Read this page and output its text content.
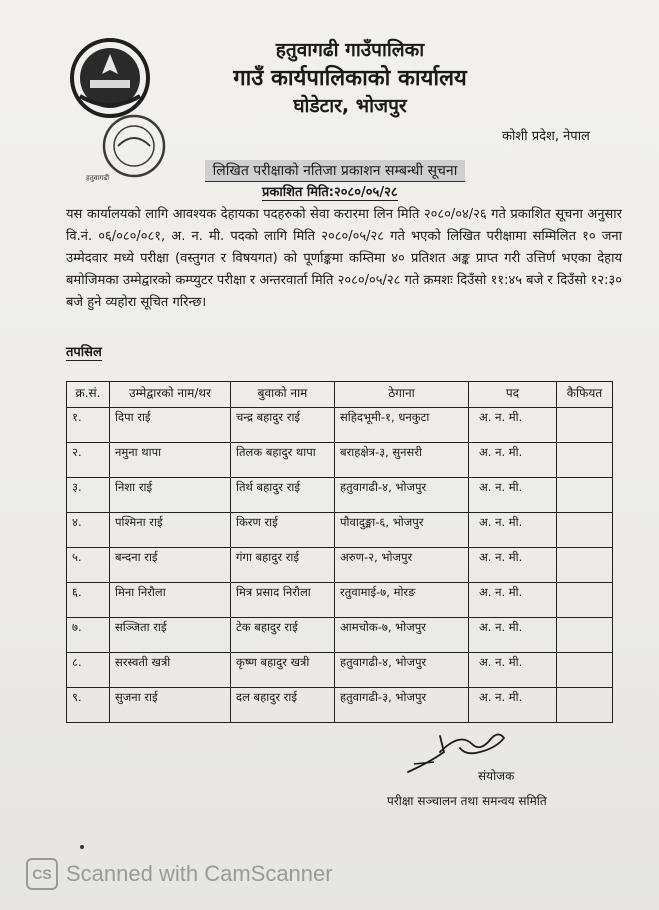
हतुवागढी
हतुवागढी गाउँपालिका
गाउँ कार्यपालिकाको कार्यालय
घोडेटार, भोजपुर
कोशी प्रदेश, नेपाल
लिखित परीक्षाको नतिजा प्रकाशन सम्बन्धी सूचना
प्रकाशित मिति:२०८०/०५/२८
यस कार्यालयको लागि आवश्यक देहायका पदहरुको सेवा करारमा लिन मिति २०८०/०४/२६ गते प्रकाशित सूचना अनुसार वि.नं. ०६/०८०/०८१, अ. न. मी. पदको लागि मिति २०८०/०५/२८ गते भएको लिखित परीक्षामा सम्मिलित १० जना उम्मेदवार मध्ये परीक्षा (वस्तुगत र विषयगत) को पूर्णाङ्कमा कम्तिमा ४० प्रतिशत अङ्क प्राप्त गरी उत्तिर्ण भएका देहाय बमोजिमका उम्मेद्वारको कम्प्युटर परीक्षा र अन्तरवार्ता मिति २०८०/०५/२८ गते क्रमशः दिउँसो ११:४५ बजे र दिउँसो १२:३० बजे हुने व्यहोरा सूचित गरिन्छ।
तपसिल
क्र.सं.	उम्मेद्वारको नाम/थर	बुवाको नाम	ठेगाना	पद	कैफियत
१.	दिपा राई	चन्द्र बहादुर राई	सहिदभूमी-१, धनकुटा	अ. न. मी.	
२.	नमुना थापा	तिलक बहादुर थापा	बराहक्षेत्र-३, सुनसरी	अ. न. मी.	
३.	निशा राई	तिर्थ बहादुर राई	हतुवागढी-४, भोजपुर	अ. न. मी.	
४.	पश्मिना राई	किरण राई	पौवादुङ्मा-६, भोजपुर	अ. न. मी.	
५.	बन्दना राई	गंगा बहादुर राई	अरुण-२, भोजपुर	अ. न. मी.	
६.	मिना निरौला	मित्र प्रसाद निरौला	रतुवामाई-७, मोरङ	अ. न. मी.	
७.	सञ्जिता राई	टेक बहादुर राई	आमचोक-७, भोजपुर	अ. न. मी.	
८.	सरस्वती खत्री	कृष्ण बहादुर खत्री	हतुवागढी-४, भोजपुर	अ. न. मी.	
९.	सुजना राई	दल बहादुर राई	हतुवागढी-३, भोजपुर	अ. न. मी.	
संयोजक
परीक्षा सञ्चालन तथा समन्वय समिति
CS Scanned with CamScanner
